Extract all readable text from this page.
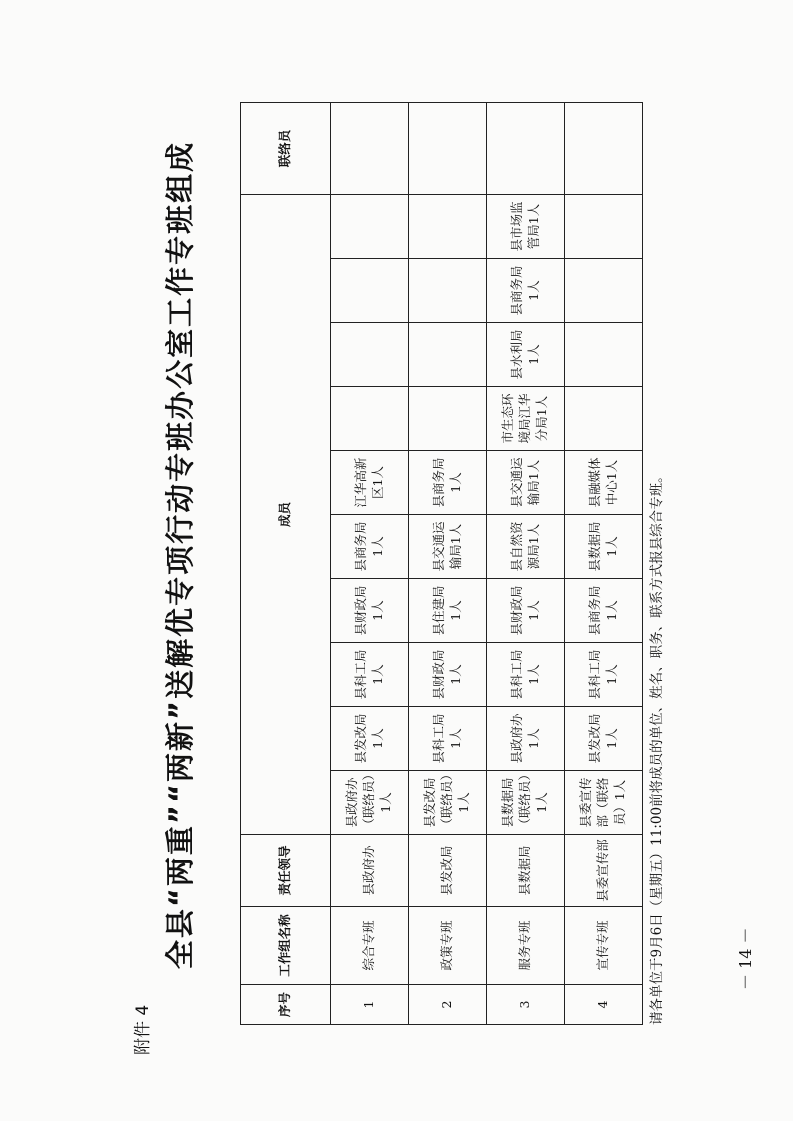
附件 4
全县“两重”“两新”送解优专项行动专班办公室工作专班组成
序号	工作组名称	责任领导	成员										联络员
1	综合专班	县政府办	县政府办（联络员）1人	县发改局1人	县科工局1人	县财政局1人	县商务局1人	江华高新区1人					
2	政策专班	县发改局	县发改局（联络员）1人	县科工局1人	县财政局1人	县住建局1人	县交通运输局1人	县商务局1人					
3	服务专班	县数据局	县数据局（联络员）1人	县政府办1人	县科工局1人	县财政局1人	县自然资源局1人	县交通运输局1人	市生态环境局江华分局1人	县水利局1人	县商务局1人	县市场监管局1人	
4	宣传专班	县委宣传部	县委宣传部（联络员）1人	县发改局1人	县科工局1人	县商务局1人	县数据局1人	县融媒体中心1人					请各单位于9月6日（星期五）11:00前将成员的单位、姓名、职务、联系方式报县综合专班。	－ 14 －
